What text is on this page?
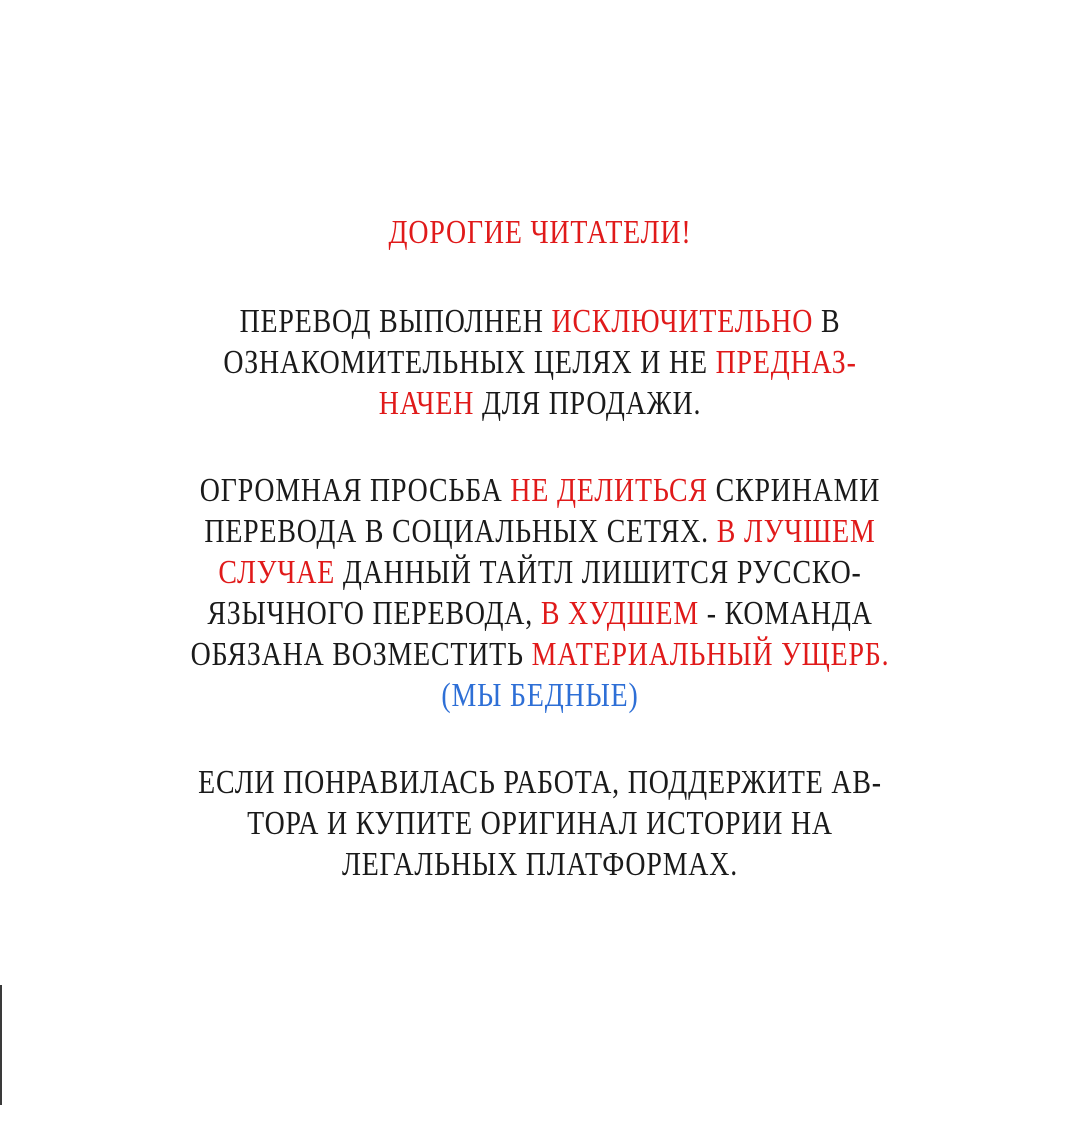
ДОРОГИЕ ЧИТАТЕЛИ!
ПЕРЕВОД ВЫПОЛНЕН ИСКЛЮЧИТЕЛЬНО В
ОЗНАКОМИТЕЛЬНЫХ ЦЕЛЯХ И НЕ ПРЕДНАЗ-
НАЧЕН ДЛЯ ПРОДАЖИ.
ОГРОМНАЯ ПРОСЬБА НЕ ДЕЛИТЬСЯ СКРИНАМИ
ПЕРЕВОДА В СОЦИАЛЬНЫХ СЕТЯХ. В ЛУЧШЕМ
СЛУЧАЕ ДАННЫЙ ТАЙТЛ ЛИШИТСЯ РУССКО-
ЯЗЫЧНОГО ПЕРЕВОДА, В ХУДШЕМ - КОМАНДА
ОБЯЗАНА ВОЗМЕСТИТЬ МАТЕРИАЛЬНЫЙ УЩЕРБ.
(МЫ БЕДНЫЕ)
ЕСЛИ ПОНРАВИЛАСЬ РАБОТА, ПОДДЕРЖИТЕ АВ-
ТОРА И КУПИТЕ ОРИГИНАЛ ИСТОРИИ НА
ЛЕГАЛЬНЫХ ПЛАТФОРМАХ.
